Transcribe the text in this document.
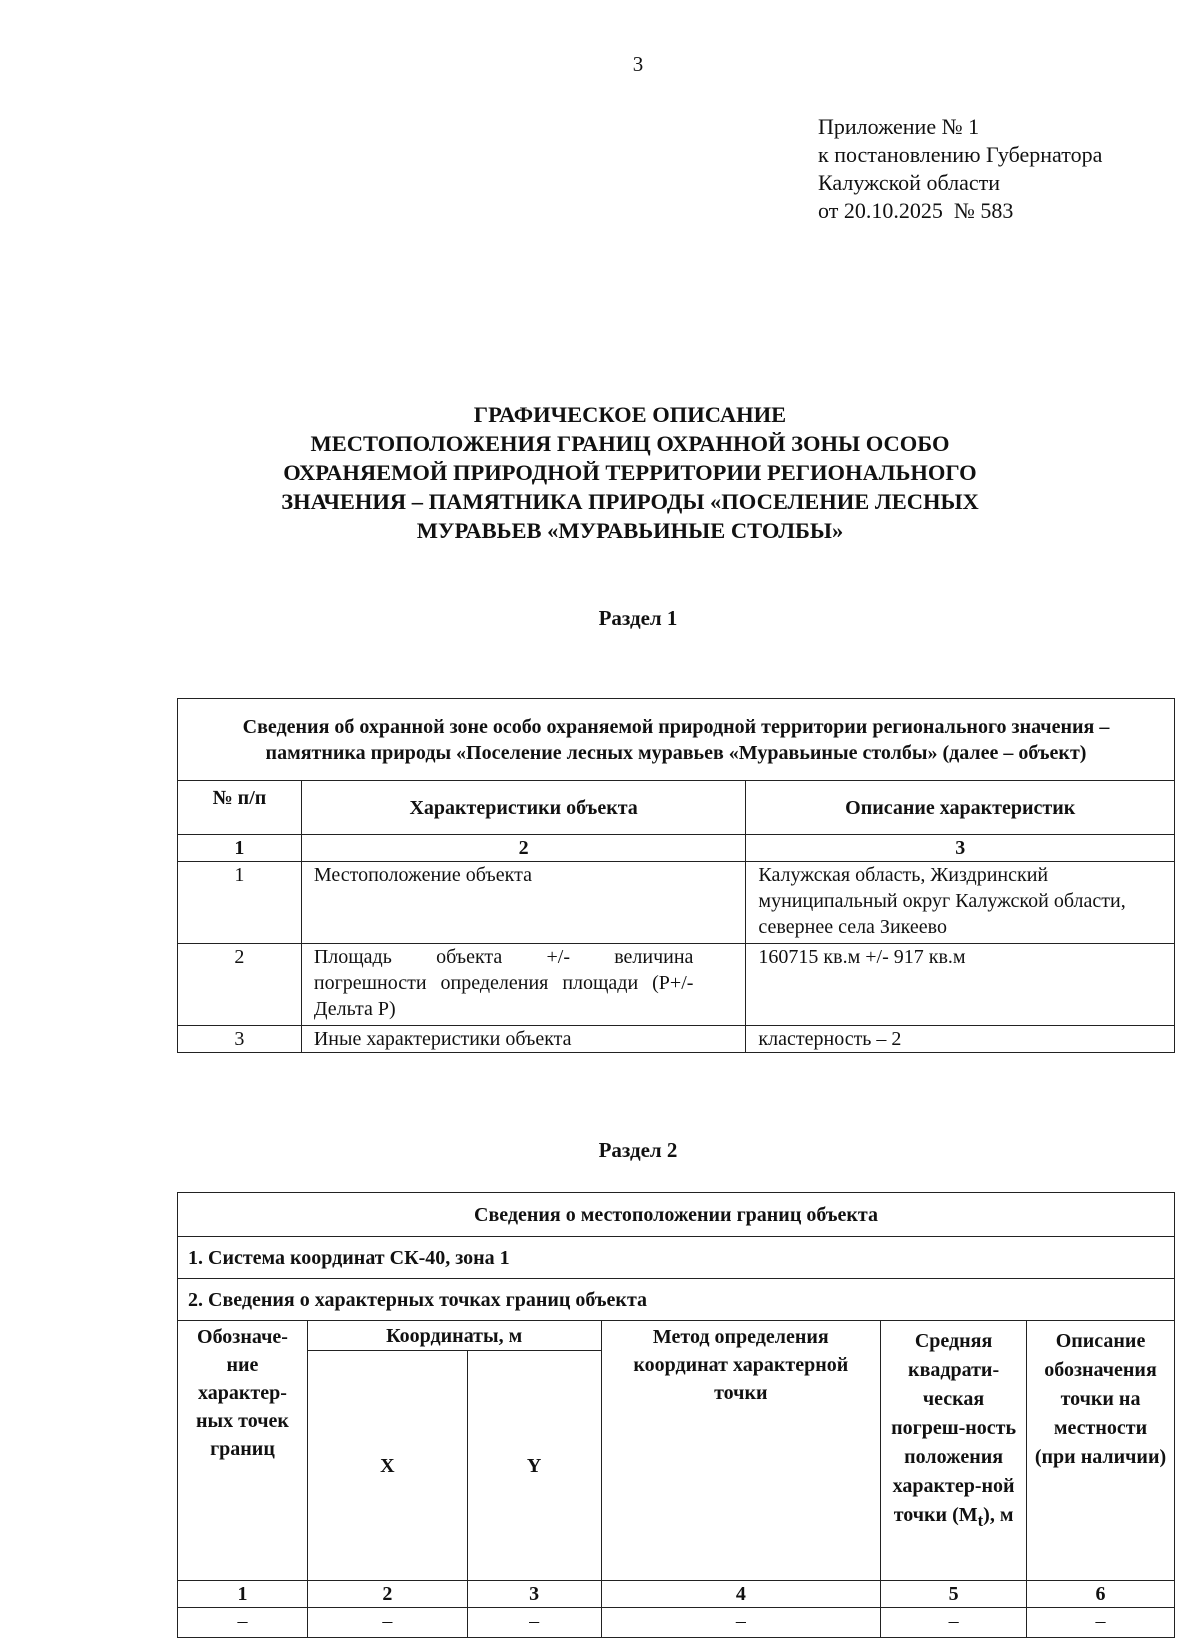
3
Приложение № 1
к постановлению Губернатора
Калужской области
от 20.10.2025  № 583
ГРАФИЧЕСКОЕ ОПИСАНИЕ
МЕСТОПОЛОЖЕНИЯ ГРАНИЦ ОХРАННОЙ ЗОНЫ ОСОБО
ОХРАНЯЕМОЙ ПРИРОДНОЙ ТЕРРИТОРИИ РЕГИОНАЛЬНОГО
ЗНАЧЕНИЯ – ПАМЯТНИКА ПРИРОДЫ «ПОСЕЛЕНИЕ ЛЕСНЫХ
МУРАВЬЕВ «МУРАВЬИНЫЕ СТОЛБЫ»
Раздел 1
Сведения об охранной зоне особо охраняемой природной территории регионального значения – памятника природы «Поселение лесных муравьев «Муравьиные столбы» (далее – объект)		
№ п/п	Характеристики объекта	Описание характеристик
1	2	3
1	Местоположение объекта	Калужская область, Жиздринский муниципальный округ Калужской области, севернее села Зикеево
2	Площадь объекта +/- величина погрешности определения площади (Р+/- Дельта Р)	160715 кв.м +/- 917 кв.м
3	Иные характеристики объекта	кластерность – 2
Раздел 2
Сведения о местоположении границ объекта					
1. Система координат СК-40, зона 1					
2. Сведения о характерных точках границ объекта					
Обозначе-ние характер-ных точек границ	Координаты, м		Метод определения координат характерной точки	Средняя квадрати-ческая погреш-ность положения характер-ной точки $(M_t)$, м	Описание обозначения точки на местности (при наличии)
	X	Y			
1	2	3	4	5	6
–	–	–	–	–	–
